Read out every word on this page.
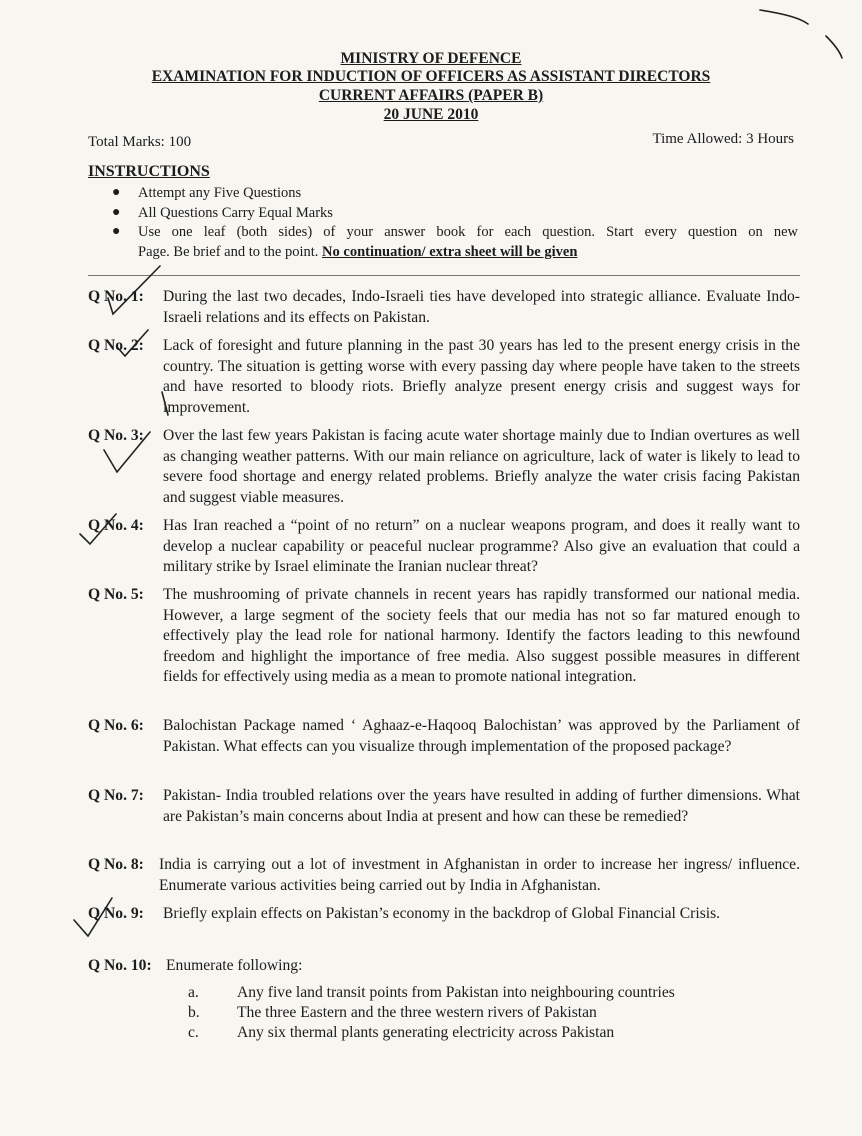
MINISTRY OF DEFENCE
EXAMINATION FOR INDUCTION OF OFFICERS AS ASSISTANT DIRECTORS
CURRENT AFFAIRS (PAPER B)
20 JUNE 2010
Total Marks: 100	Time Allowed: 3 Hours
INSTRUCTIONS
● Attempt any Five Questions
● All Questions Carry Equal Marks
● Use one leaf (both sides) of your answer book for each question. Start every question on new
Page. Be brief and to the point. No continuation/ extra sheet will be given
Q No. 1: During the last two decades, Indo-Israeli ties have developed into strategic alliance. Evaluate Indo-Israeli relations and its effects on Pakistan.
Q No. 2: Lack of foresight and future planning in the past 30 years has led to the present energy crisis in the country. The situation is getting worse with every passing day where people have taken to the streets and have resorted to bloody riots. Briefly analyze present energy crisis and suggest ways for improvement.
Q No. 3: Over the last few years Pakistan is facing acute water shortage mainly due to Indian overtures as well as changing weather patterns. With our main reliance on agriculture, lack of water is likely to lead to severe food shortage and energy related problems. Briefly analyze the water crisis facing Pakistan and suggest viable measures.
Q No. 4: Has Iran reached a “point of no return” on a nuclear weapons program, and does it really want to develop a nuclear capability or peaceful nuclear programme? Also give an evaluation that could a military strike by Israel eliminate the Iranian nuclear threat?
Q No. 5: The mushrooming of private channels in recent years has rapidly transformed our national media. However, a large segment of the society feels that our media has not so far matured enough to effectively play the lead role for national harmony. Identify the factors leading to this newfound freedom and highlight the importance of free media. Also suggest possible measures in different fields for effectively using media as a mean to promote national integration.
Q No. 6: Balochistan Package named ‘ Aghaaz-e-Haqooq Balochistan’ was approved by the Parliament of Pakistan. What effects can you visualize through implementation of the proposed package?
Q No. 7: Pakistan- India troubled relations over the years have resulted in adding of further dimensions. What are Pakistan’s main concerns about India at present and how can these be remedied?
Q No. 8: India is carrying out a lot of investment in Afghanistan in order to increase her ingress/ influence. Enumerate various activities being carried out by India in Afghanistan.
Q No. 9: Briefly explain effects on Pakistan’s economy in the backdrop of Global Financial Crisis.
Q No. 10: Enumerate following:
a.	Any five land transit points from Pakistan into neighbouring countries
b.	The three Eastern and the three western rivers of Pakistan
c.	Any six thermal plants generating electricity across Pakistan
